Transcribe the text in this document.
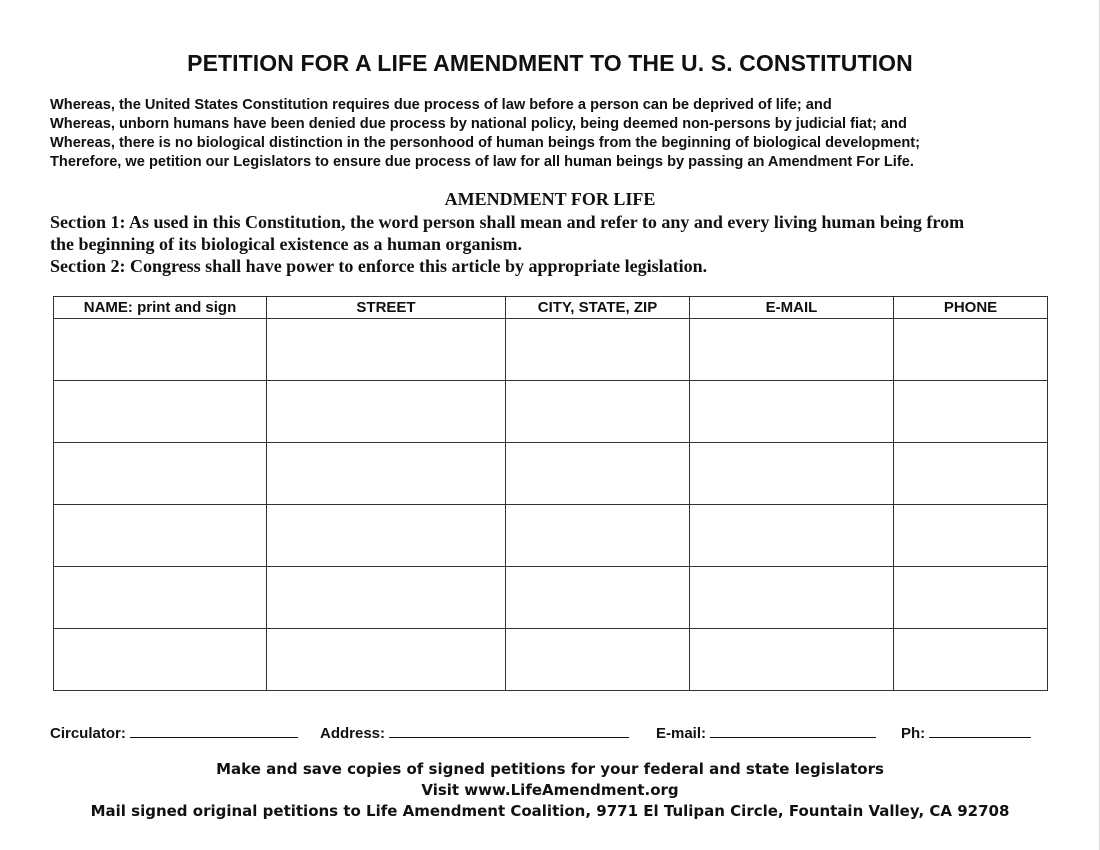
PETITION FOR A LIFE AMENDMENT TO THE U. S. CONSTITUTION
Whereas, the United States Constitution requires due process of law before a person can be deprived of life; and
Whereas, unborn humans have been denied due process by national policy, being deemed non-persons by judicial fiat; and
Whereas, there is no biological distinction in the personhood of human beings from the beginning of biological development;
Therefore, we petition our Legislators to ensure due process of law for all human beings by passing an Amendment For Life.
AMENDMENT FOR LIFE
Section 1: As used in this Constitution, the word person shall mean and refer to any and every living human being from
the beginning of its biological existence as a human organism.
Section 2: Congress shall have power to enforce this article by appropriate legislation.
NAME: print and sign	STREET	CITY, STATE, ZIP	E-MAIL	PHONE

Circulator:	Address:	E-mail:	Ph:
Make and save copies of signed petitions for your federal and state legislators
Visit www.LifeAmendment.org
Mail signed original petitions to Life Amendment Coalition, 9771 El Tulipan Circle, Fountain Valley, CA 92708
